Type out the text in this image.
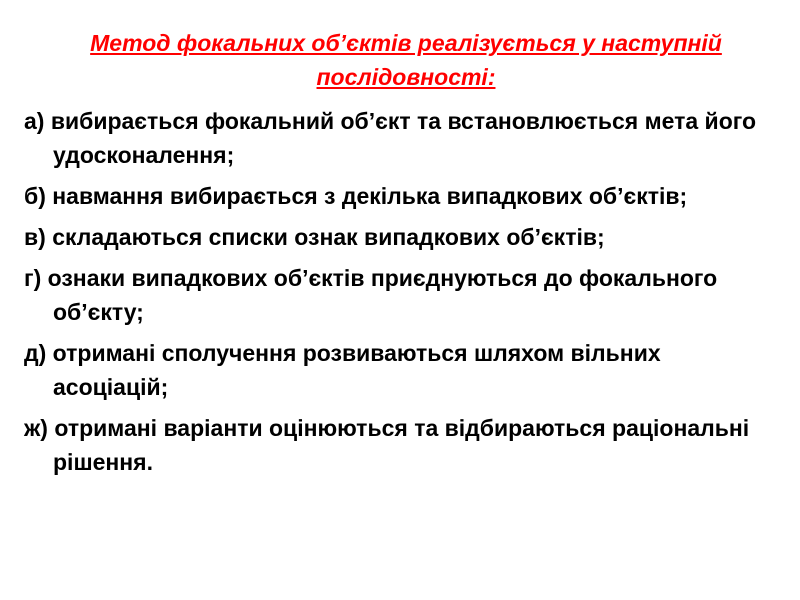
Метод фокальних об’єктів реалізується у наступній послідовності:
а) вибирається фокальний об’єкт та встановлюється мета його удосконалення;
б) навмання вибирається з декілька випадкових об’єктів;
в) складаються списки ознак випадкових об’єктів;
г) ознаки випадкових об’єктів приєднуються до фокального об’єкту;
д) отримані сполучення розвиваються шляхом вільних асоціацій;
ж) отримані варіанти оцінюються та відбираються раціональні рішення.
